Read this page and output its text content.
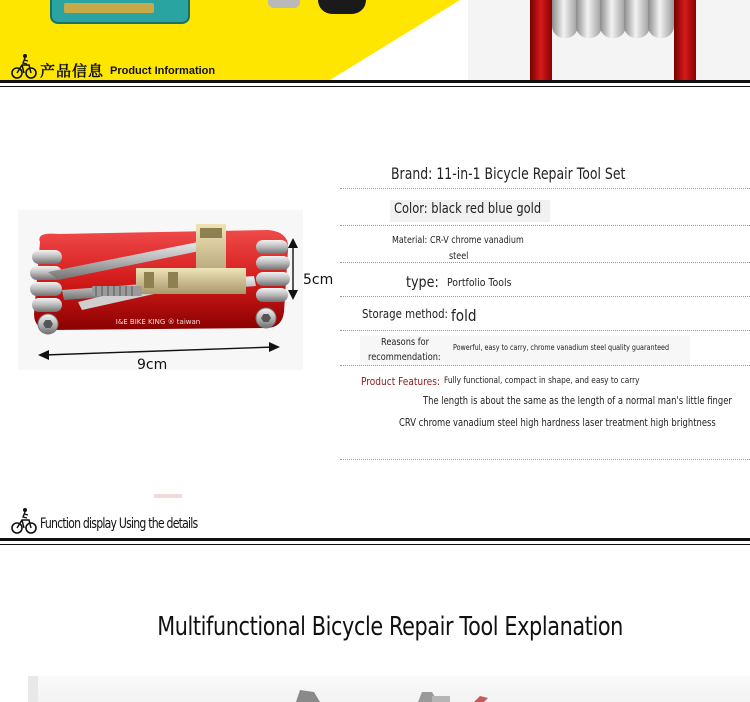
产品信息 Product Information
I&E BIKE KING ® taiwan
5cm
9cm
Brand: 11-in-1 Bicycle Repair Tool Set
Color: black red blue gold
Material: CR-V chrome vanadium
steel
type: Portfolio Tools
Storage method: fold
Reasons for
recommendation:
Powerful, easy to carry, chrome vanadium steel quality guaranteed
Product Features: Fully functional, compact in shape, and easy to carry
The length is about the same as the length of a normal man's little finger
CRV chrome vanadium steel high hardness laser treatment high brightness
Function display Using the details
Multifunctional Bicycle Repair Tool Explanation
